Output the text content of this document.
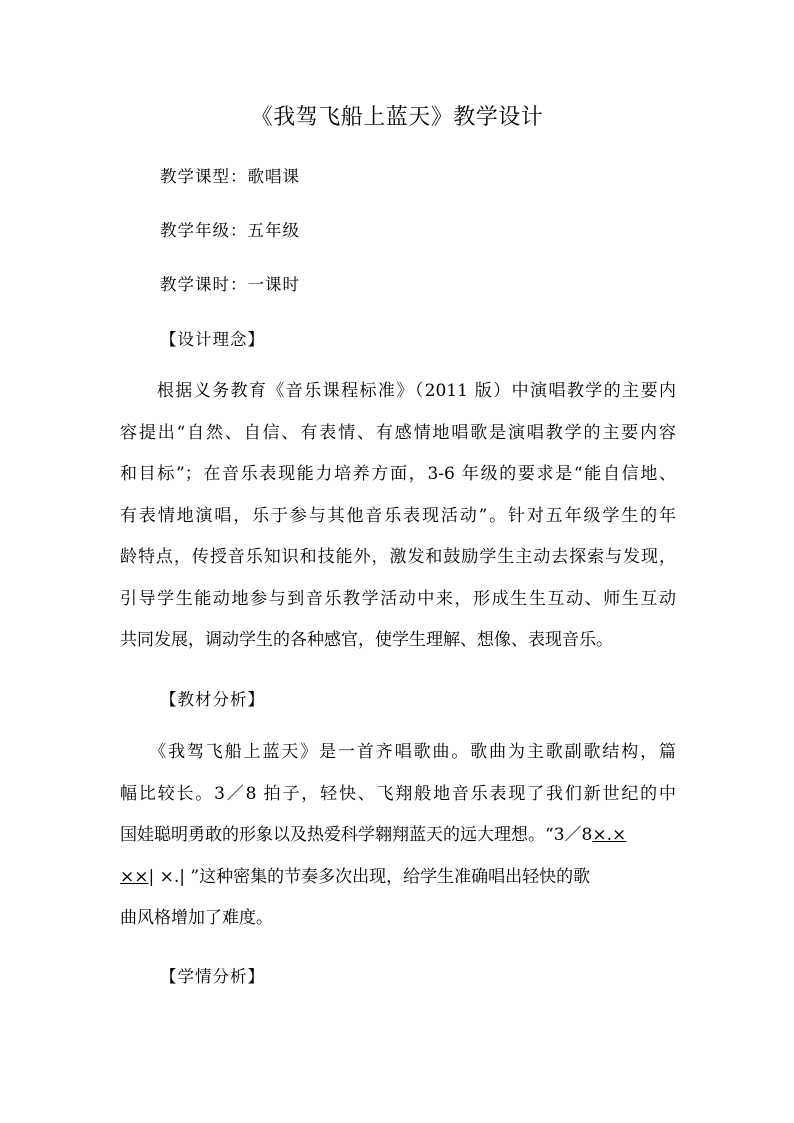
《我驾飞船上蓝天》教学设计
教学课型：歌唱课
教学年级：五年级
教学课时：一课时
【设计理念】
　　根据义务教育《音乐课程标准》（2011 版）中演唱教学的主要内
容提出“自然、自信、有表情、有感情地唱歌是演唱教学的主要内容
和目标”；在音乐表现能力培养方面，3-6 年级的要求是“能自信地、
有表情地演唱，乐于参与其他音乐表现活动”。针对五年级学生的年
龄特点，传授音乐知识和技能外，激发和鼓励学生主动去探索与发现，
引导学生能动地参与到音乐教学活动中来，形成生生互动、师生互动
共同发展，调动学生的各种感官，使学生理解、想像、表现音乐。
【教材分析】
　　《我驾飞船上蓝天》是一首齐唱歌曲。歌曲为主歌副歌结构，篇
幅比较长。3／8 拍子，轻快、飞翔般地音乐表现了我们新世纪的中
国娃聪明勇敢的形象以及热爱科学翱翔蓝天的远大理想。“3／8×.×
××| ×.| ”这种密集的节奏多次出现，给学生准确唱出轻快的歌
曲风格增加了难度。
【学情分析】
